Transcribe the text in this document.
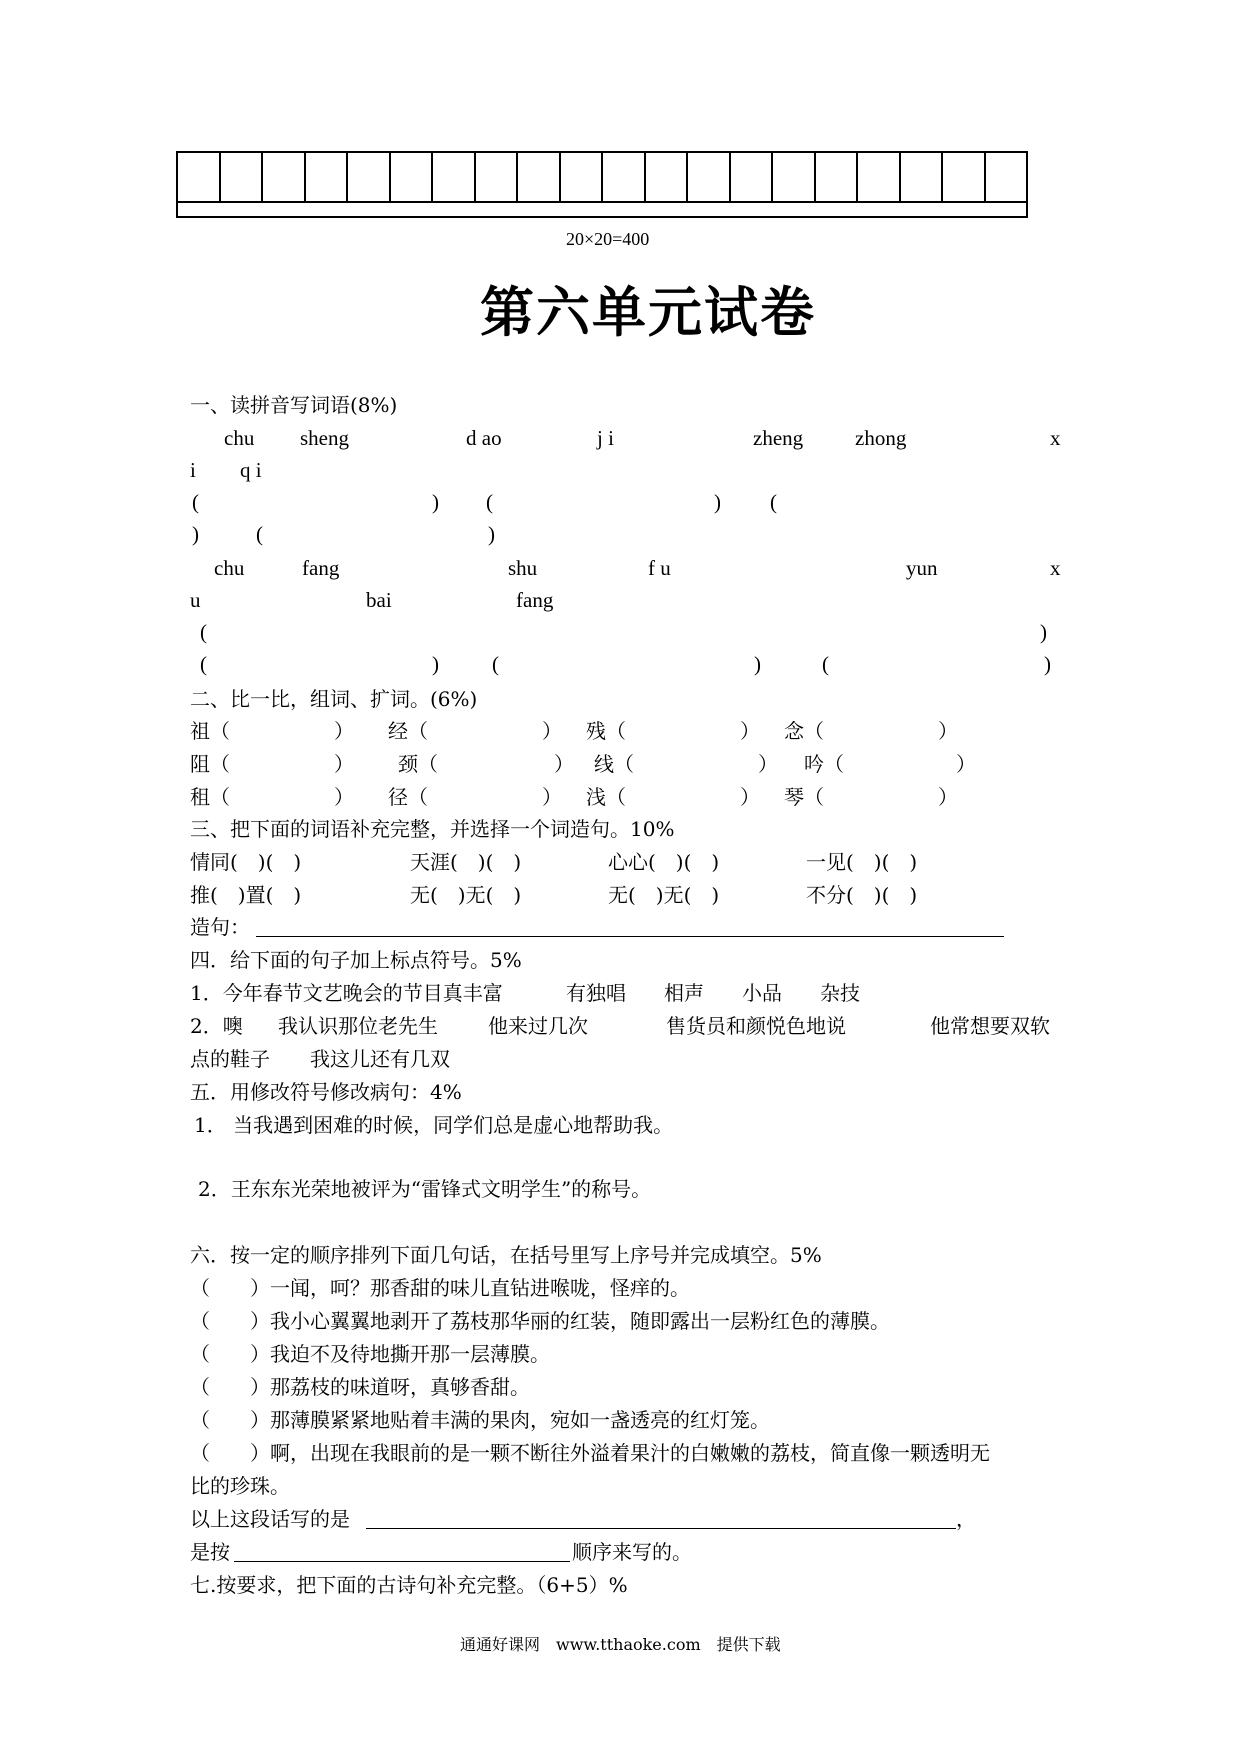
20×20=400
第六单元试卷
一、读拼音写词语(8%)
chu sheng	d ao	j i	zheng zhong	x
i q i
(	) (	) (
)	(	)
chu	fang	shu	f u	yun	x
u	bai	fang
(	)
(	)	(	)	(	)
二、比一比，组词、扩词。(6%)
祖（	） 经（	） 残（	） 念（	）
阻（	） 颈（	） 线（	） 吟（	）
租（	） 径（	） 浅（	） 琴（	）
三、把下面的词语补充完整，并选择一个词造句。10%
情同(　)(　)	天涯(　)(　)	心心(　)(　)	一见(　)(　)
推(　)置(　)	无(　)无(　)	无(　)无(　)	不分(　)(　)
造句：
四．给下面的句子加上标点符号。5%
1．今年春节文艺晚会的节目真丰富	有独唱 相声 小品 杂技
2．噢 我认识那位老先生	他来过几次	售货员和颜悦色地说	他常想要双软
点的鞋子 我这儿还有几双
五．用修改符号修改病句：4%
1． 当我遇到困难的时候，同学们总是虚心地帮助我。
2．王东东光荣地被评为“雷锋式文明学生”的称号。
六．按一定的顺序排列下面几句话，在括号里写上序号并完成填空。5%
（　　）一闻，呵？那香甜的味儿直钻进喉咙，怪痒的。
（　　）我小心翼翼地剥开了荔枝那华丽的红装，随即露出一层粉红色的薄膜。
（　　）我迫不及待地撕开那一层薄膜。
（　　）那荔枝的味道呀，真够香甜。
（　　）那薄膜紧紧地贴着丰满的果肉，宛如一盏透亮的红灯笼。
（　　）啊，出现在我眼前的是一颗不断往外溢着果汁的白嫩嫩的荔枝，简直像一颗透明无
比的珍珠。
以上这段话写的是	，
是按	顺序来写的。
七.按要求，把下面的古诗句补充完整。（6+5）%
通通好课网　www.tthaoke.com　提供下载
